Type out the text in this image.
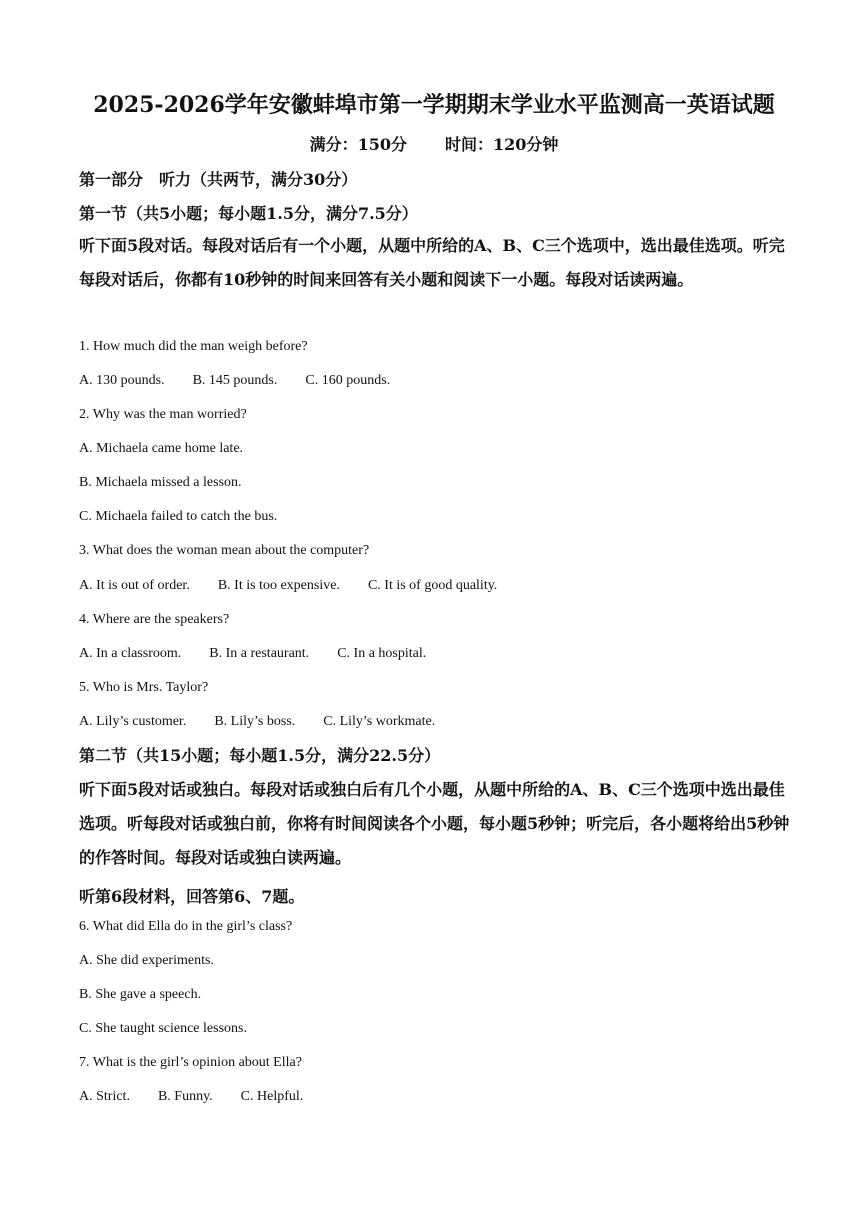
2025-2026学年安徽蚌埠市第一学期期末学业水平监测高一英语试题
满分：150分 时间：120分钟
第一部分　听力（共两节，满分30分）
第一节（共5小题；每小题1.5分，满分7.5分）
听下面5段对话。每段对话后有一个小题，从题中所给的A、B、C三个选项中，选出最佳选项。听完每段对话后，你都有10秒钟的时间来回答有关小题和阅读下一小题。每段对话读两遍。
1. How much did the man weigh before?
A. 130 pounds. B. 145 pounds. C. 160 pounds.
2. Why was the man worried?
A. Michaela came home late.
B. Michaela missed a lesson.
C. Michaela failed to catch the bus.
3. What does the woman mean about the computer?
A. It is out of order. B. It is too expensive. C. It is of good quality.
4. Where are the speakers?
A. In a classroom. B. In a restaurant. C. In a hospital.
5. Who is Mrs. Taylor?
A. Lily’s customer. B. Lily’s boss. C. Lily’s workmate.
第二节（共15小题；每小题1.5分，满分22.5分）
听下面5段对话或独白。每段对话或独白后有几个小题，从题中所给的A、B、C三个选项中选出最佳选项。听每段对话或独白前，你将有时间阅读各个小题，每小题5秒钟；听完后，各小题将给出5秒钟的作答时间。每段对话或独白读两遍。
听第6段材料，回答第6、7题。
6. What did Ella do in the girl’s class?
A. She did experiments.
B. She gave a speech.
C. She taught science lessons.
7. What is the girl’s opinion about Ella?
A. Strict. B. Funny. C. Helpful.
